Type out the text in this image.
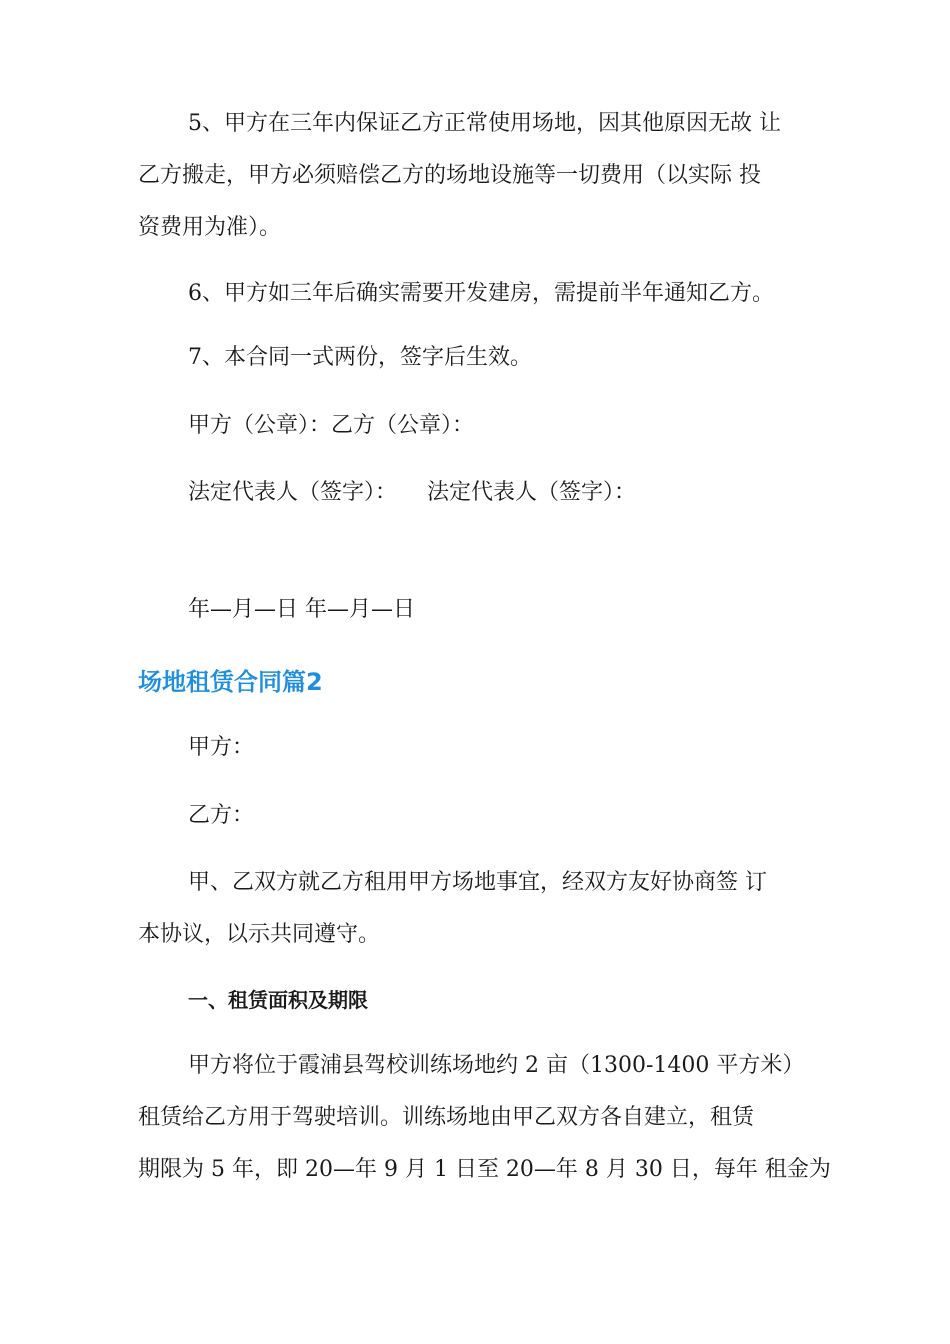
5、甲方在三年内保证乙方正常使用场地，因其他原因无故 让
乙方搬走，甲方必须赔偿乙方的场地设施等一切费用（以实际 投
资费用为准）。

6、甲方如三年后确实需要开发建房，需提前半年通知乙方。

7、本合同一式两份，签字后生效。

甲方（公章）：乙方（公章）：

法定代表人（签字）： 法定代表人（签字）：

年—月—日 年—月—日

场地租赁合同篇2

甲方：

乙方：

甲、乙双方就乙方租用甲方场地事宜，经双方友好协商签 订
本协议，以示共同遵守。

一、租赁面积及期限

甲方将位于霞浦县驾校训练场地约 2 亩（1300-1400 平方米）
租赁给乙方用于驾驶培训。训练场地由甲乙双方各自建立，租赁
期限为 5 年，即 20—年 9 月 1 日至 20—年 8 月 30 日，每年 租金为
